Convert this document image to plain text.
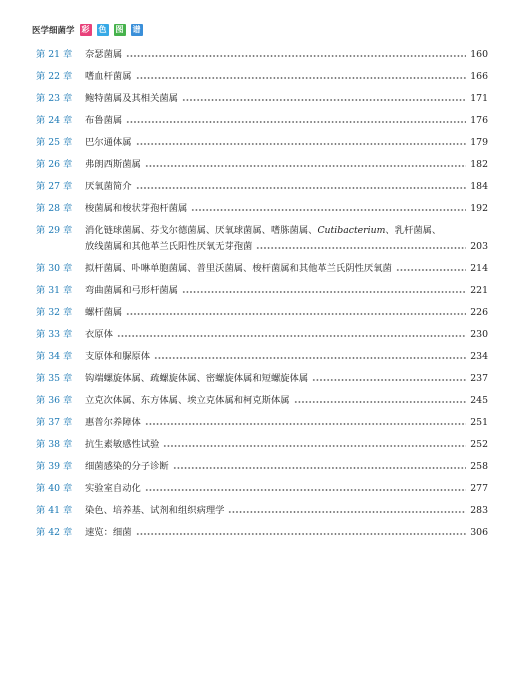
医学细菌学 彩 色 图 谱
第 21 章	奈瑟菌属	160
第 22 章	嗜血杆菌属	166
第 23 章	鲍特菌属及其相关菌属	171
第 24 章	布鲁菌属	176
第 25 章	巴尔通体属	179
第 26 章	弗朗西斯菌属	182
第 27 章	厌氧菌简介	184
第 28 章	梭菌属和梭状芽孢杆菌属	192
第 29 章	消化链球菌属、芬戈尔德菌属、厌氧球菌属、嗜胨菌属、 Cutibacterium 、乳杆菌属、
放线菌属和其他革兰氏阳性厌氧无芽孢菌	203
第 30 章	拟杆菌属、卟啉单胞菌属、普里沃菌属、梭杆菌属和其他革兰氏阴性厌氧菌	214
第 31 章	弯曲菌属和弓形杆菌属	221
第 32 章	螺杆菌属	226
第 33 章	衣原体	230
第 34 章	支原体和脲原体	234
第 35 章	钩端螺旋体属、疏螺旋体属、密螺旋体属和短螺旋体属	237
第 36 章	立克次体属、东方体属、埃立克体属和柯克斯体属	245
第 37 章	惠普尔养障体	251
第 38 章	抗生素敏感性试验	252
第 39 章	细菌感染的分子诊断	258
第 40 章	实验室自动化	277
第 41 章	染色、培养基、试剂和组织病理学	283
第 42 章	速览：细菌	306
